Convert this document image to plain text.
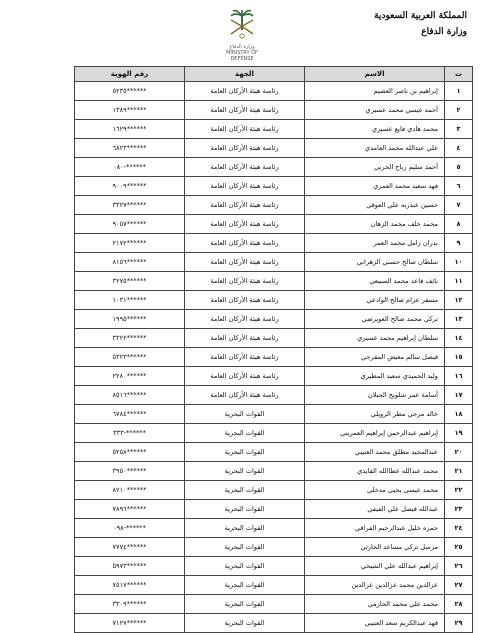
المملكة العربية السعودية
وزارة الدفاع
وزارة الدفاع
MINISTRY OF DEFENSE
ت	الاسم	الجهة	رقم الهوية
١	إبراهيم بن ناصر العصيم	رئاسة هيئة الأركان العامة	٥٢٣٥******
٢	أحمد عيسى محمد عسيري	رئاسة هيئة الأركان العامة	١٣٨٩******
٣	محمد هادي فايع عسيري	رئاسة هيئة الأركان العامة	١٦٢٩******
٤	علي عبدالله محمد الغامدي	رئاسة هيئة الأركان العامة	٦٨٢٣******
٥	أحمد سليم رباح الحربي	رئاسة هيئة الأركان العامة	٠٨٠-******
٦	فهد سعيد محمد العمري	رئاسة هيئة الأركان العامة	٩٠٠٩******
٧	حسين عبدربه علي العوفي	رئاسة هيئة الأركان العامة	٣٣٢٧******
٨	محمد خلف محمد الزهان	رئاسة هيئة الأركان العامة	٩٠٥٧******
٩	بدران زامل محمد العمر	رئاسة هيئة الأركان العامة	٢١٧٢******
١٠	سلطان صالح حسني الزهراني	رئاسة هيئة الأركان العامة	٨١٥٦******
١١	نائف قاعد محمد السبيعي	رئاسة هيئة الأركان العامة	٣٢٧٥******
١٢	مسفر عزام صالح الوادعي	رئاسة هيئة الأركان العامة	١٠٣١******
١٣	تركي محمد صالح العويرضي	رئاسة هيئة الأركان العامة	١٩٩٥******
١٤	سلطان إبراهيم محمد عسيري	رئاسة هيئة الأركان العامة	٣٣٢٢******
١٥	فيصل سالم معيض المقرجي	رئاسة هيئة الأركان العامة	٥٣٢٣******
١٦	وليد الحميدي سعيد المطيري	رئاسة هيئة الأركان العامة	٢٢٨٠******
١٧	أسامة عمر شلويح الحبلان	رئاسة هيئة الأركان العامة	٨٥١٦******
١٨	خالد مرجي مطر الرويلي	القوات البحرية	٦٧٨٤******
١٩	إبراهيم عبدالرحمن إبراهيم العمريني	القوات البحرية	٣٣٣-******
٢٠	عبدالمجيد مطلق محمد العتيبي	القوات البحرية	٥٢٥٨******
٢١	محمد عبدالله عطاالله القايدي	القوات البحرية	٣٩٥٠******
٢٢	محمد عيسى يحيى مدخلي	القوات البحرية	٨٢١٠******
٢٣	عبدالله فيصل علي الفيفي	القوات البحرية	٧٨٩٦******
٢٤	حمزه خليل عبدالرحيم الفراقي	القوات البحرية	٠٩٨-******
٢٥	مرسل تركي مساعد الحارثي	القوات البحرية	٧٧٧٤******
٢٦	إبراهيم عبدالله علي الشيخي	القوات البحرية	٥٩٧٣******
٢٧	عزالدين محمد عزالدين عزالدين	القوات البحرية	٧٥١٧******
٢٨	محمد علي محمد الحازمي	القوات البحرية	٣٣٠٩******
٢٩	فهد عبدالكريم سعد العتيبي	القوات البحرية	٧١٢٧******
